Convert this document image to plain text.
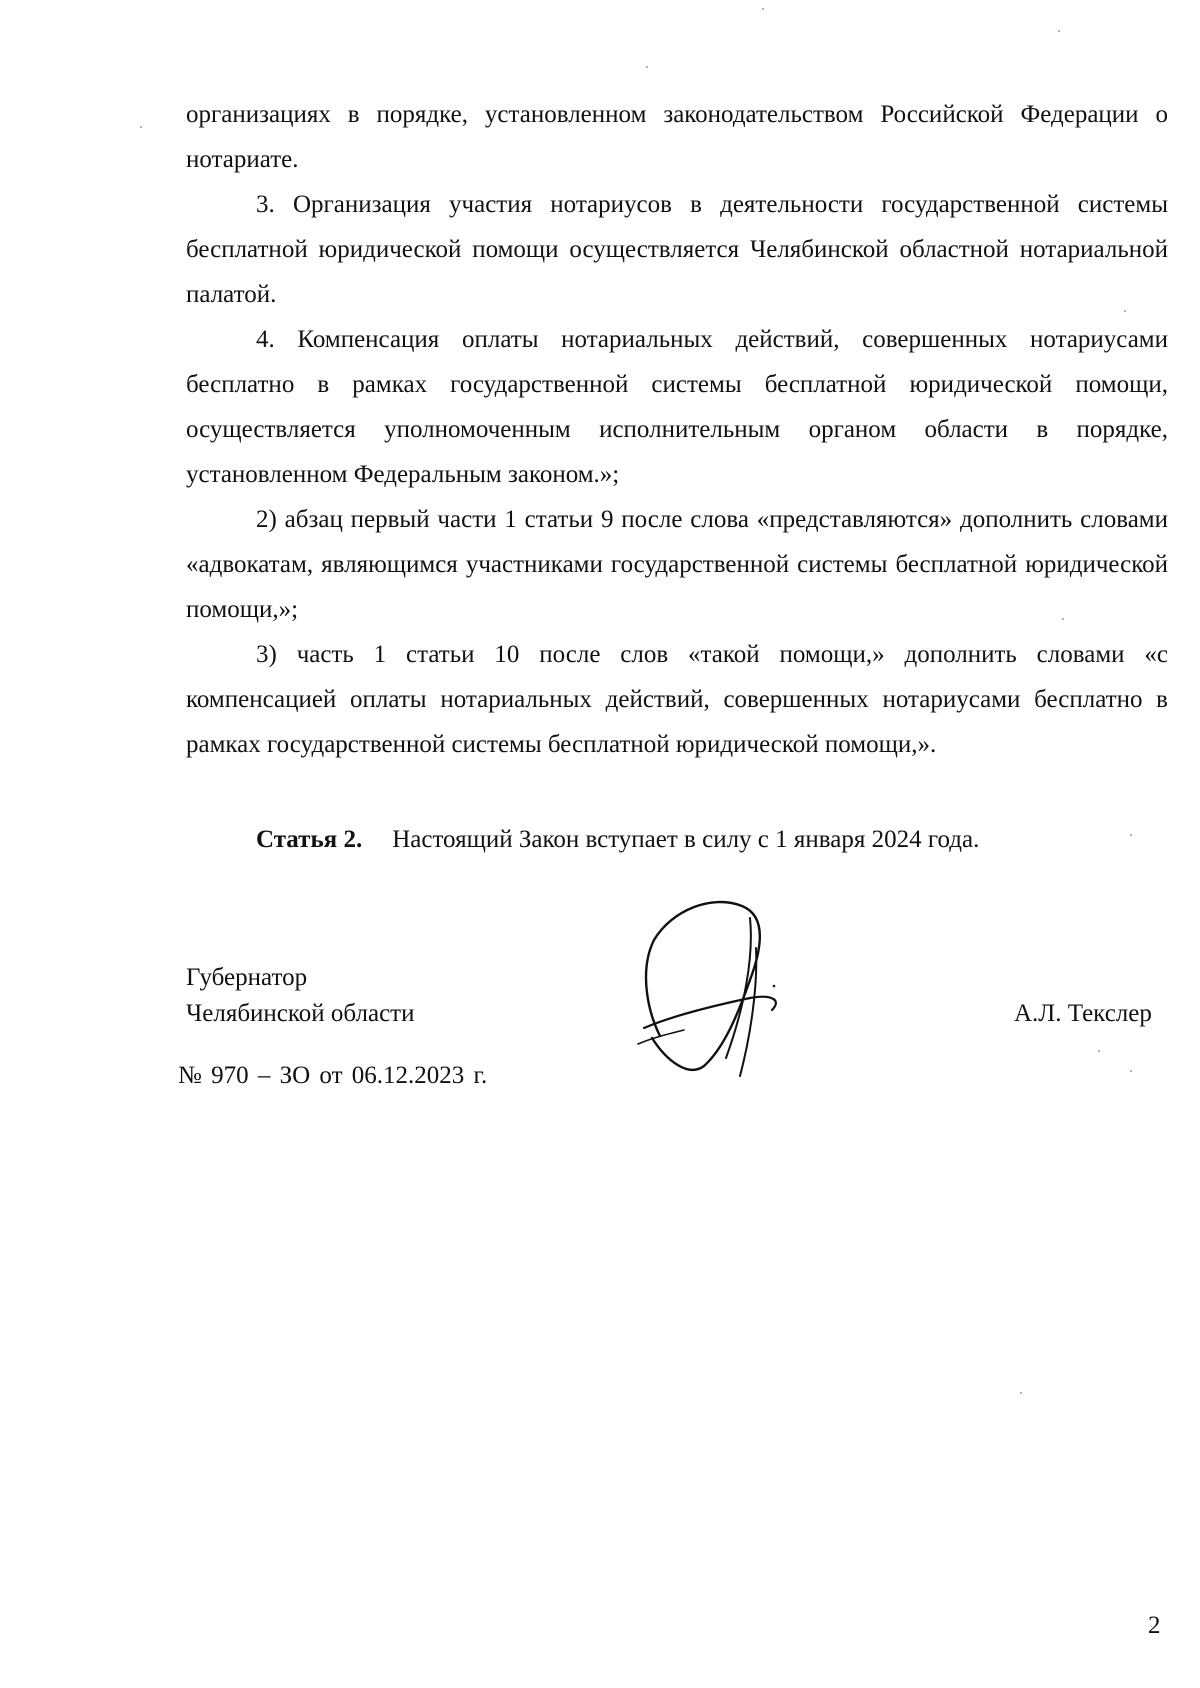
организациях в порядке, установленном законодательством Российской Федерации о нотариате.

3. Организация участия нотариусов в деятельности государственной системы бесплатной юридической помощи осуществляется Челябинской областной нотариальной палатой.

4. Компенсация оплаты нотариальных действий, совершенных нотариусами бесплатно в рамках государственной системы бесплатной юридической помощи, осуществляется уполномоченным исполнительным органом области в порядке, установленном Федеральным законом.»;

2) абзац первый части 1 статьи 9 после слова «представляются» дополнить словами «адвокатам, являющимся участниками государственной системы бесплатной юридической помощи,»;

3) часть 1 статьи 10 после слов «такой помощи,» дополнить словами «с компенсацией оплаты нотариальных действий, совершенных нотариусами бесплатно в рамках государственной системы бесплатной юридической помощи,».

Статья 2. Настоящий Закон вступает в силу с 1 января 2024 года.
Губернатор
Челябинской области	А.Л. Текслер
№ 970 – ЗО от 06.12.2023 г.
2
